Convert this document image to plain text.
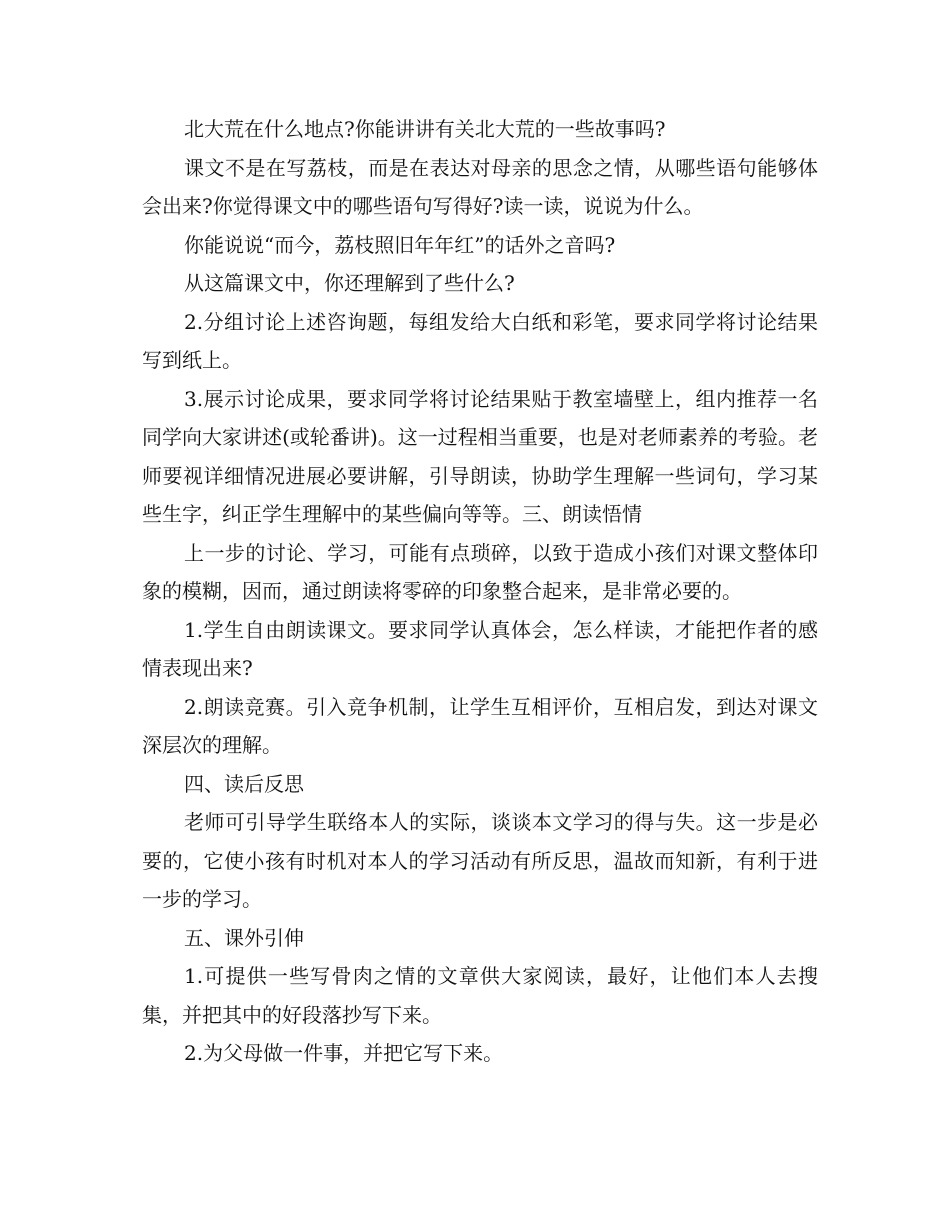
北大荒在什么地点?你能讲讲有关北大荒的一些故事吗?

课文不是在写荔枝，而是在表达对母亲的思念之情，从哪些语句能够体会出来?你觉得课文中的哪些语句写得好?读一读，说说为什么。

你能说说“而今，荔枝照旧年年红”的话外之音吗?

从这篇课文中，你还理解到了些什么?

2.分组讨论上述咨询题，每组发给大白纸和彩笔，要求同学将讨论结果写到纸上。

3.展示讨论成果，要求同学将讨论结果贴于教室墙壁上，组内推荐一名同学向大家讲述(或轮番讲)。这一过程相当重要，也是对老师素养的考验。老师要视详细情况进展必要讲解，引导朗读，协助学生理解一些词句，学习某些生字，纠正学生理解中的某些偏向等等。三、朗读悟情

上一步的讨论、学习，可能有点琐碎，以致于造成小孩们对课文整体印象的模糊，因而，通过朗读将零碎的印象整合起来，是非常必要的。

1.学生自由朗读课文。要求同学认真体会，怎么样读，才能把作者的感情表现出来?

2.朗读竞赛。引入竞争机制，让学生互相评价，互相启发，到达对课文深层次的理解。

四、读后反思

老师可引导学生联络本人的实际，谈谈本文学习的得与失。这一步是必要的，它使小孩有时机对本人的学习活动有所反思，温故而知新，有利于进一步的学习。

五、课外引伸

1.可提供一些写骨肉之情的文章供大家阅读，最好，让他们本人去搜集，并把其中的好段落抄写下来。

2.为父母做一件事，并把它写下来。
